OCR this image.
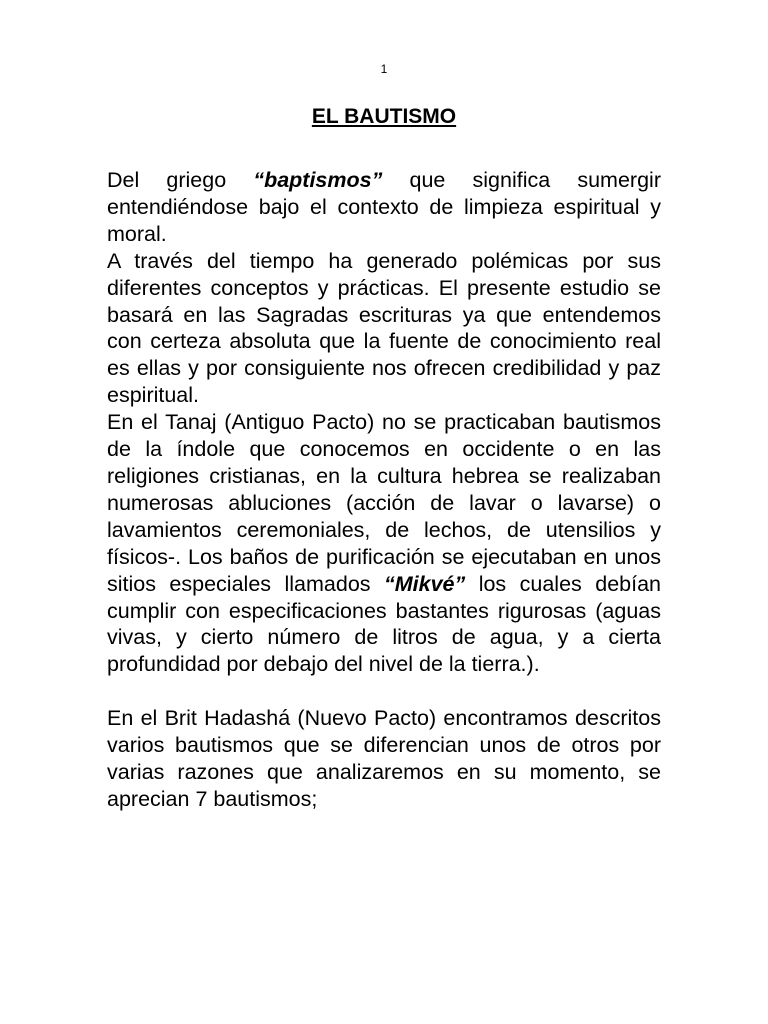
1
EL BAUTISMO

Del griego “baptismos” que significa sumergir entendiéndose bajo el contexto de limpieza espiritual y moral.

A través del tiempo ha generado polémicas por sus diferentes conceptos y prácticas. El presente estudio se basará en las Sagradas escrituras ya que entendemos con certeza absoluta que la fuente de conocimiento real es ellas y por consiguiente nos ofrecen credibilidad y paz espiritual.

En el Tanaj (Antiguo Pacto) no se practicaban bautismos de la índole que conocemos en occidente o en las religiones cristianas, en la cultura hebrea se realizaban numerosas abluciones (acción de lavar o lavarse) o lavamientos ceremoniales, de lechos, de utensilios y físicos-. Los baños de purificación se ejecutaban en unos sitios especiales llamados “Mikvé” los cuales debían cumplir con especificaciones bastantes rigurosas (aguas vivas, y cierto número de litros de agua, y a cierta profundidad por debajo del nivel de la tierra.).

En el Brit Hadashá (Nuevo Pacto) encontramos descritos varios bautismos que se diferencian unos de otros por varias razones que analizaremos en su momento, se aprecian 7 bautismos;
